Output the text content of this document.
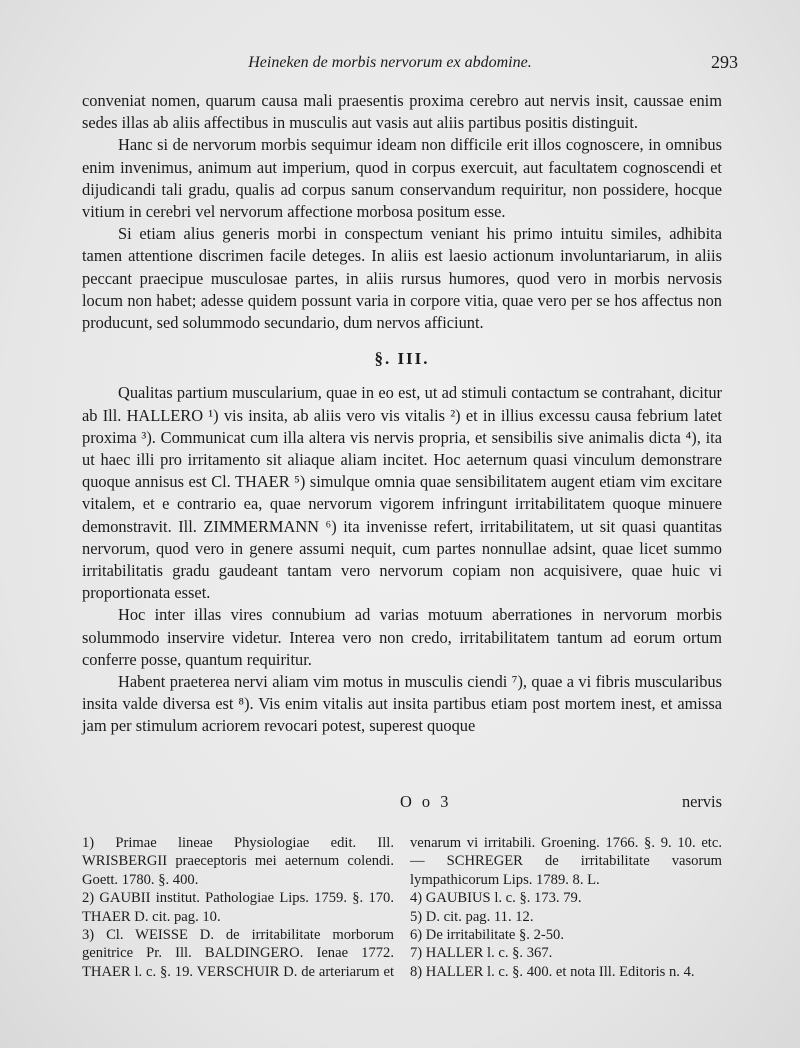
Heineken de morbis nervorum ex abdomine.	293

conveniat nomen, quarum causa mali praesentis proxima cerebro aut nervis insit, caussae enim sedes illas ab aliis affectibus in musculis aut vasis aut aliis partibus positis distinguit.

Hanc si de nervorum morbis sequimur ideam non difficile erit illos cognoscere, in omnibus enim invenimus, animum aut imperium, quod in corpus exercuit, aut facultatem cognoscendi et dijudicandi tali gradu, qualis ad corpus sanum conservandum requiritur, non possidere, hocque vitium in cerebri vel nervorum affectione morbosa positum esse.

Si etiam alius generis morbi in conspectum veniant his primo intuitu similes, adhibita tamen attentione discrimen facile deteges. In aliis est laesio actionum involuntariarum, in aliis peccant praecipue musculosae partes, in aliis rursus humores, quod vero in morbis nervosis locum non habet; adesse quidem possunt varia in corpore vitia, quae vero per se hos affectus non producunt, sed solummodo secundario, dum nervos afficiunt.

§. III.

Qualitas partium muscularium, quae in eo est, ut ad stimuli contactum se contrahant, dicitur ab Ill. HALLERO ¹) vis insita, ab aliis vero vis vitalis ²) et in illius excessu causa febrium latet proxima ³). Communicat cum illa altera vis nervis propria, et sensibilis sive animalis dicta ⁴), ita ut haec illi pro irritamento sit aliaque aliam incitet. Hoc aeternum quasi vinculum demonstrare quoque annisus est Cl. THAER ⁵) simulque omnia quae sensibilitatem augent etiam vim excitare vitalem, et e contrario ea, quae nervorum vigorem infringunt irritabilitatem quoque minuere demonstravit. Ill. ZIMMERMANN ⁶) ita invenisse refert, irritabilitatem, ut sit quasi quantitas nervorum, quod vero in genere assumi nequit, cum partes nonnullae adsint, quae licet summo irritabilitatis gradu gaudeant tantam vero nervorum copiam non acquisivere, quae huic vi proportionata esset.

Hoc inter illas vires connubium ad varias motuum aberrationes in nervorum morbis solummodo inservire videtur. Interea vero non credo, irritabilitatem tantum ad eorum ortum conferre posse, quantum requiritur.

Habent praeterea nervi aliam vim motus in musculis ciendi ⁷), quae a vi fibris muscularibus insita valde diversa est ⁸). Vis enim vitalis aut insita partibus etiam post mortem inest, et amissa jam per stimulum acriorem revocari potest, superest quoque

O o 3	nervis

1) Primae lineae Physiologiae edit. Ill. WRISBERGII praeceptoris mei aeternum colendi. Goett. 1780. §. 400.

2) GAUBII institut. Pathologiae Lips. 1759. §. 170. THAER D. cit. pag. 10.

3) Cl. WEISSE D. de irritabilitate morborum genitrice Pr. Ill. BALDINGERO. Ienae 1772. THAER l. c. §. 19. VERSCHUIR D. de arteriarum et venarum vi irritabili. Groening. 1766. §. 9. 10. etc. — SCHREGER de irritabilitate vasorum lympathicorum Lips. 1789. 8. L.

4) GAUBIUS l. c. §. 173. 79.

5) D. cit. pag. 11. 12.

6) De irritabilitate §. 2-50.

7) HALLER l. c. §. 367.

8) HALLER l. c. §. 400. et nota Ill. Editoris n. 4.
